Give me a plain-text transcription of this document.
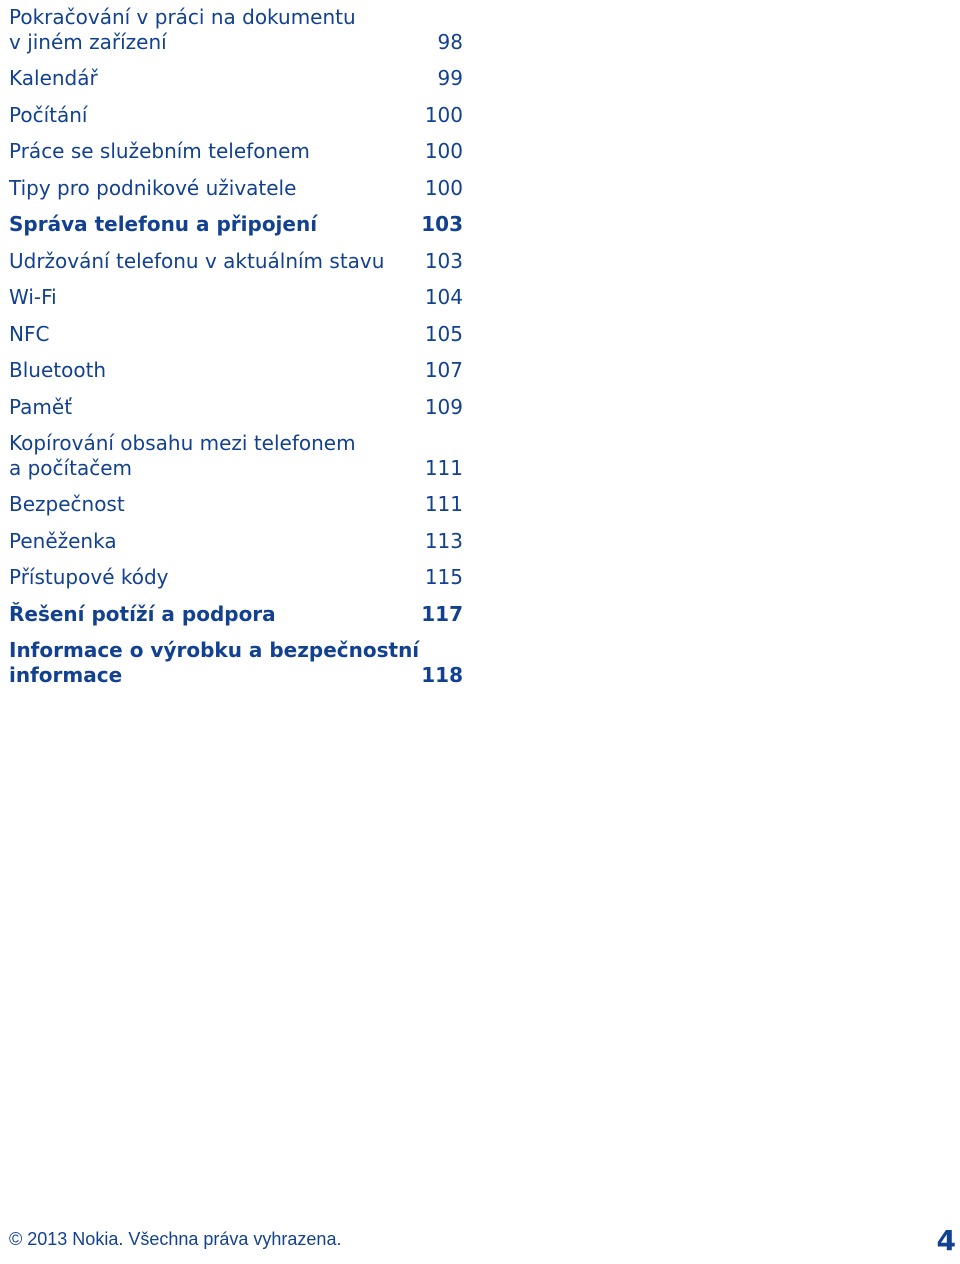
Pokračování v práci na dokumentu
v jiném zařízení	98
Kalendář	99
Počítání	100
Práce se služebním telefonem	100
Tipy pro podnikové uživatele	100
Správa telefonu a připojení	103
Udržování telefonu v aktuálním stavu	103
Wi-Fi	104
NFC	105
Bluetooth	107
Paměť	109
Kopírování obsahu mezi telefonem
a počítačem	111
Bezpečnost	111
Peněženka	113
Přístupové kódy	115
Řešení potíží a podpora	117
Informace o výrobku a bezpečnostní
informace	118
© 2013 Nokia. Všechna práva vyhrazena.	4
